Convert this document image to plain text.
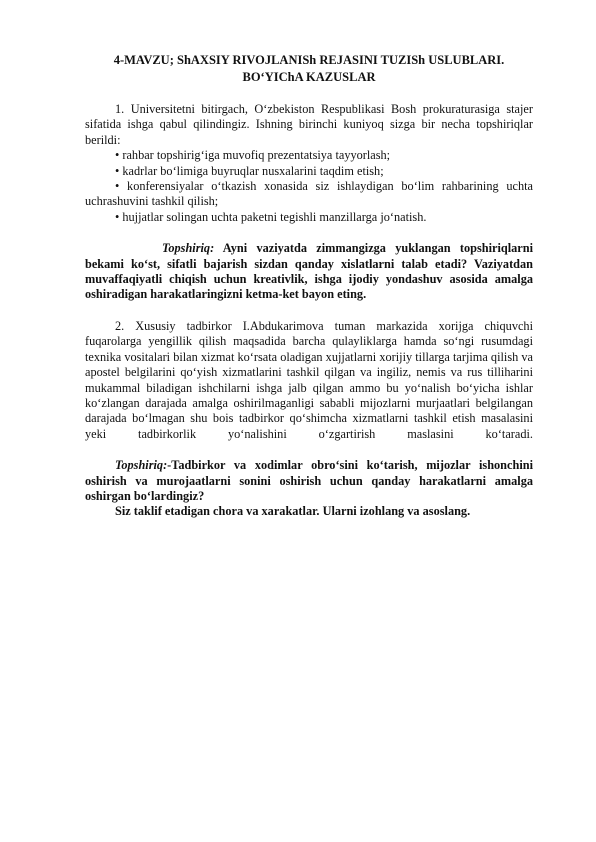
4-MAVZU; ShAXSIY RIVOJLANISh REJASINI TUZISh USLUBLARI.

BO‘YIChA KAZUSLAR

1. Universitetni bitirgach, O‘zbekiston Respublikasi Bosh prokuraturasiga stajer sifatida ishga qabul qilindingiz. Ishning birinchi kuniyoq sizga bir necha topshiriqlar berildi:

• rahbar topshirig‘iga muvofiq prezentatsiya tayyorlash;

• kadrlar bo‘limiga buyruqlar nusxalarini taqdim etish;

• konferensiyalar o‘tkazish xonasida siz ishlaydigan bo‘lim rahbarining uchta uchrashuvini tashkil qilish;

• hujjatlar solingan uchta paketni tegishli manzillarga jo‘natish.

Topshiriq: Ayni vaziyatda zimmangizga yuklangan topshiriqlarni bekami ko‘st, sifatli bajarish sizdan qanday xislatlarni talab etadi? Vaziyatdan muvaffaqiyatli chiqish uchun kreativlik, ishga ijodiy yondashuv asosida amalga oshiradigan harakatlaringizni ketma-ket bayon eting.

2. Xususiy tadbirkor I.Abdukarimova tuman markazida xorijga chiquvchi fuqarolarga yengillik qilish maqsadida barcha qulayliklarga hamda so‘ngi rusumdagi texnika vositalari bilan xizmat ko‘rsata oladigan xujjatlarni xorijiy tillarga tarjima qilish va apostel belgilarini qo‘yish xizmatlarini tashkil qilgan va ingiliz, nemis va rus tilliharini mukammal biladigan ishchilarni ishga jalb qilgan ammo bu yo‘nalish bo‘yicha ishlar ko‘zlangan darajada amalga oshirilmaganligi sababli mijozlarni murjaatlari belgilangan darajada bo‘lmagan shu bois tadbirkor qo‘shimcha xizmatlarni tashkil etish masalasini yeki tadbirkorlik yo‘nalishini o‘zgartirish maslasini ko‘taradi.

Topshiriq:-Tadbirkor va xodimlar obro‘sini ko‘tarish, mijozlar ishonchini oshirish va murojaatlarni sonini oshirish uchun qanday harakatlarni amalga oshirgan bo‘lardingiz?

Siz taklif etadigan chora va xarakatlar. Ularni izohlang va asoslang.
